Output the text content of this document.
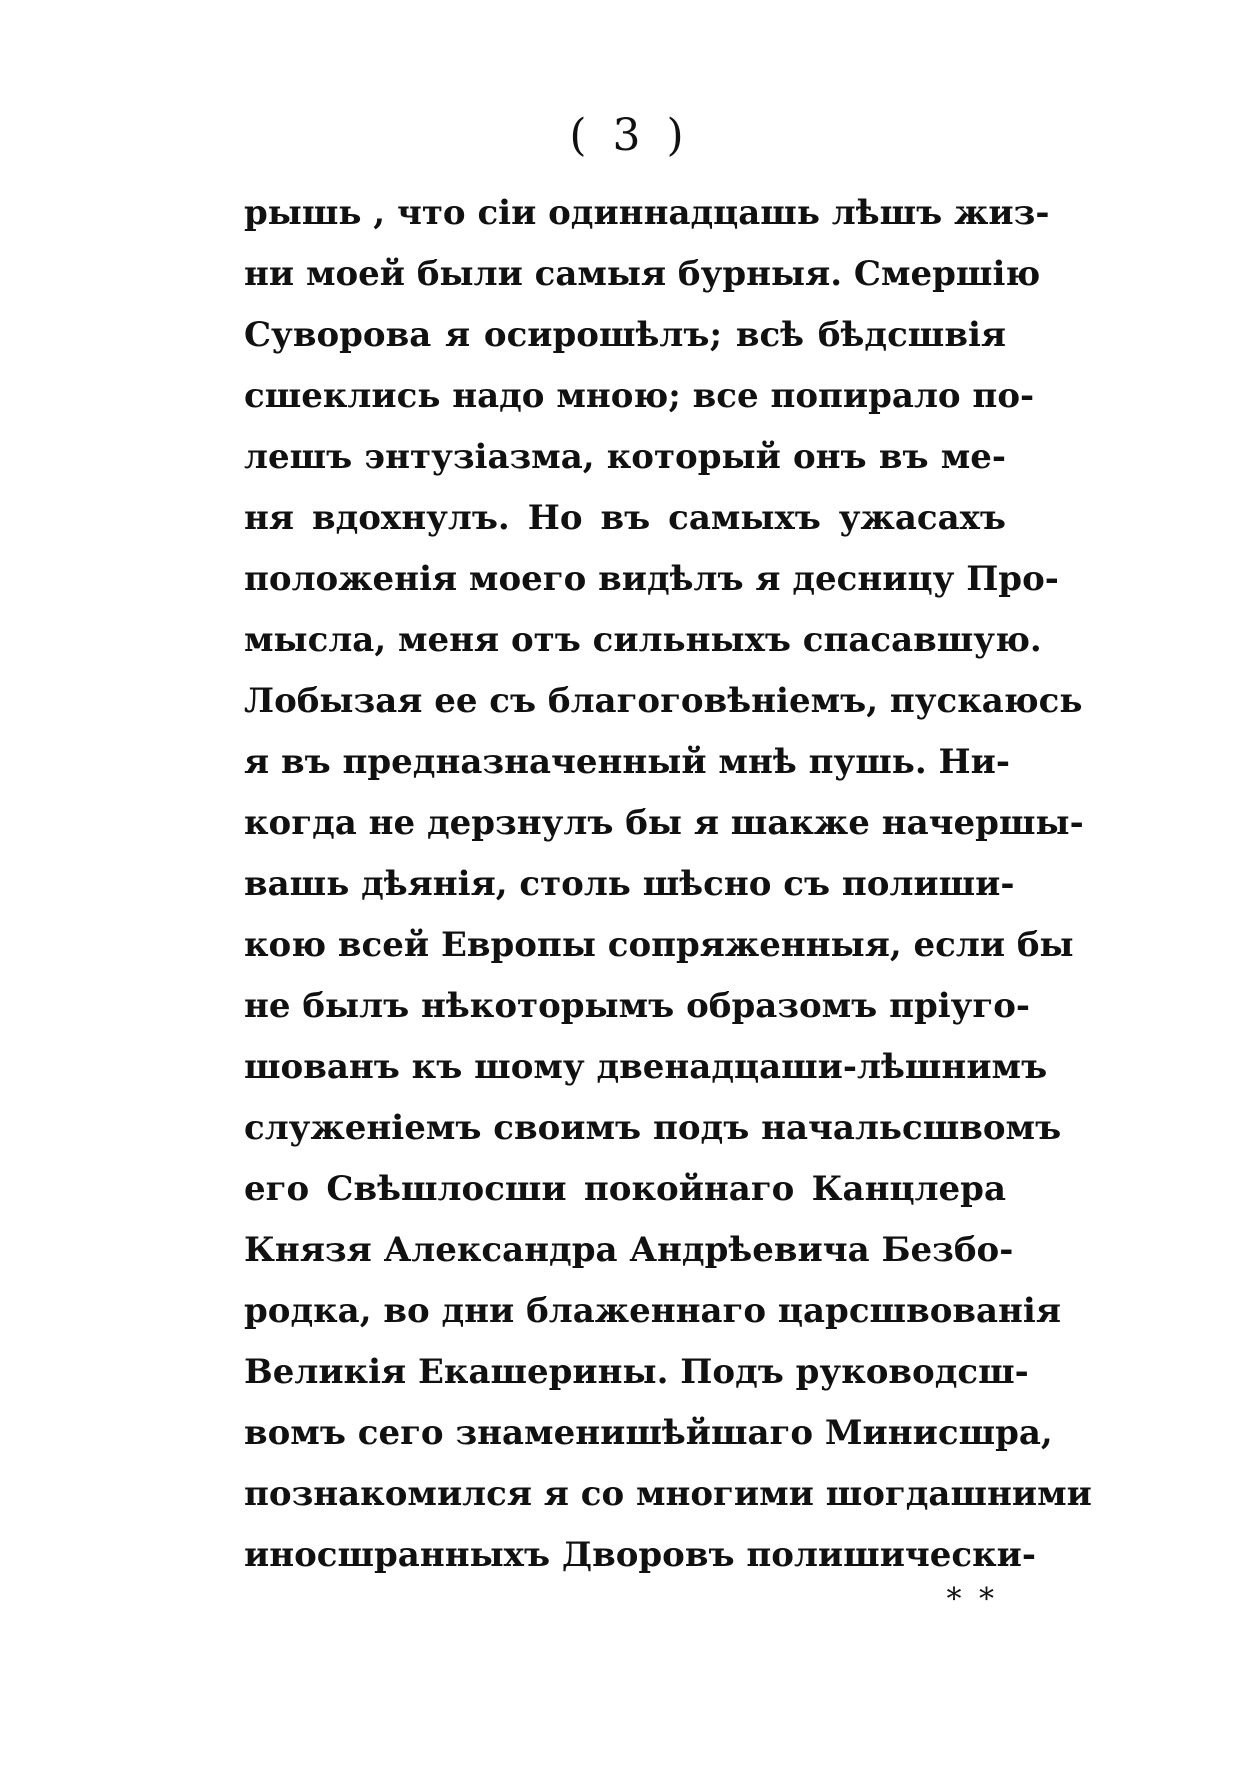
( 3 )
рышь , что сіи одиннадцашь лѣшъ жиз-
ни моей были самыя бурныя. Смершію
Суворова я осирошѣлъ; всѣ бѣдсшвія
сшеклись надо мною; все попирало по-
лешъ энтузіазма, который онъ въ ме-
ня вдохнулъ. Но въ самыхъ ужасахъ
положенія моего видѣлъ я десницу Про-
мысла, меня отъ сильныхъ спасавшую.
Лобызая ее съ благоговѣніемъ, пускаюсь
я въ предназначенный мнѣ пушь. Ни-
когда не дерзнулъ бы я шакже начершы-
вашь дѣянія, столь шѣсно съ полиши-
кою всей Европы сопряженныя, если бы
не былъ нѣкоторымъ образомъ пріуго-
шованъ къ шому двенадцаши-лѣшнимъ
служеніемъ своимъ подъ начальсшвомъ
его Свѣшлосши покойнаго Канцлера
Князя Александра Андрѣевича Безбо-
родка, во дни блаженнаго царсшвованія
Великія Екашерины. Подъ руководсш-
вомъ сего знаменишѣйшаго Минисшра,
познакомился я со многими шогдашними
иносшранныхъ Дворовъ полишически-
* *
